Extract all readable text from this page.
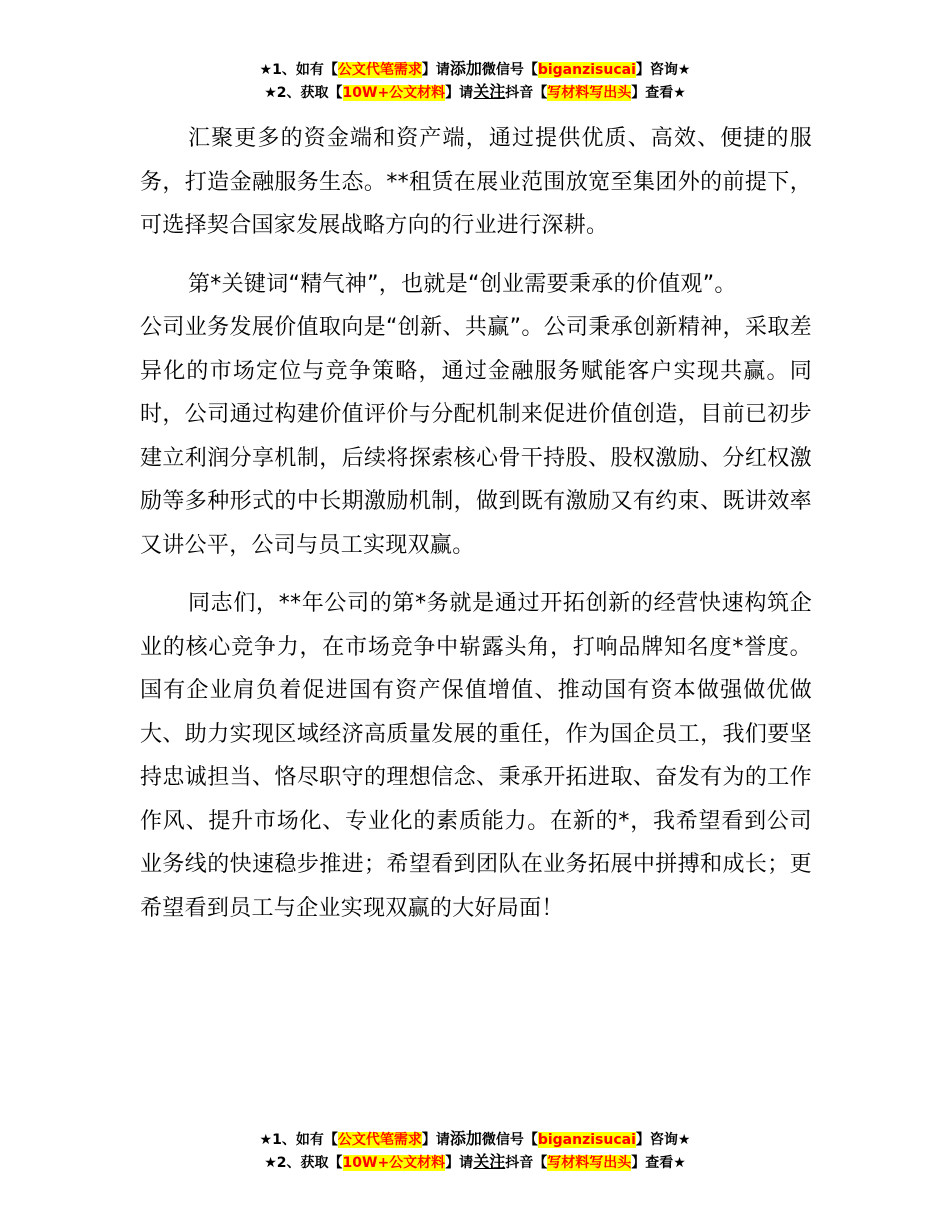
★1、如有【公文代笔需求】请添加微信号【biganzisucai】咨询★
★2、获取【10W+公文材料】请关注抖音【写材料写出头】查看★

汇聚更多的资金端和资产端，通过提供优质、高效、便捷的服务，打造金融服务生态。**租赁在展业范围放宽至集团外的前提下，可选择契合国家发展战略方向的行业进行深耕。

第*关键词“精气神”，也就是“创业需要秉承的价值观”。

公司业务发展价值取向是“创新、共赢”。公司秉承创新精神，采取差异化的市场定位与竞争策略，通过金融服务赋能客户实现共赢。同时，公司通过构建价值评价与分配机制来促进价值创造，目前已初步建立利润分享机制，后续将探索核心骨干持股、股权激励、分红权激励等多种形式的中长期激励机制，做到既有激励又有约束、既讲效率又讲公平，公司与员工实现双赢。

同志们，**年公司的第*务就是通过开拓创新的经营快速构筑企业的核心竞争力，在市场竞争中崭露头角，打响品牌知名度*誉度。国有企业肩负着促进国有资产保值增值、推动国有资本做强做优做大、助力实现区域经济高质量发展的重任，作为国企员工，我们要坚持忠诚担当、恪尽职守的理想信念、秉承开拓进取、奋发有为的工作作风、提升市场化、专业化的素质能力。在新的*，我希望看到公司业务线的快速稳步推进；希望看到团队在业务拓展中拼搏和成长；更希望看到员工与企业实现双赢的大好局面！

★1、如有【公文代笔需求】请添加微信号【biganzisucai】咨询★
★2、获取【10W+公文材料】请关注抖音【写材料写出头】查看★
